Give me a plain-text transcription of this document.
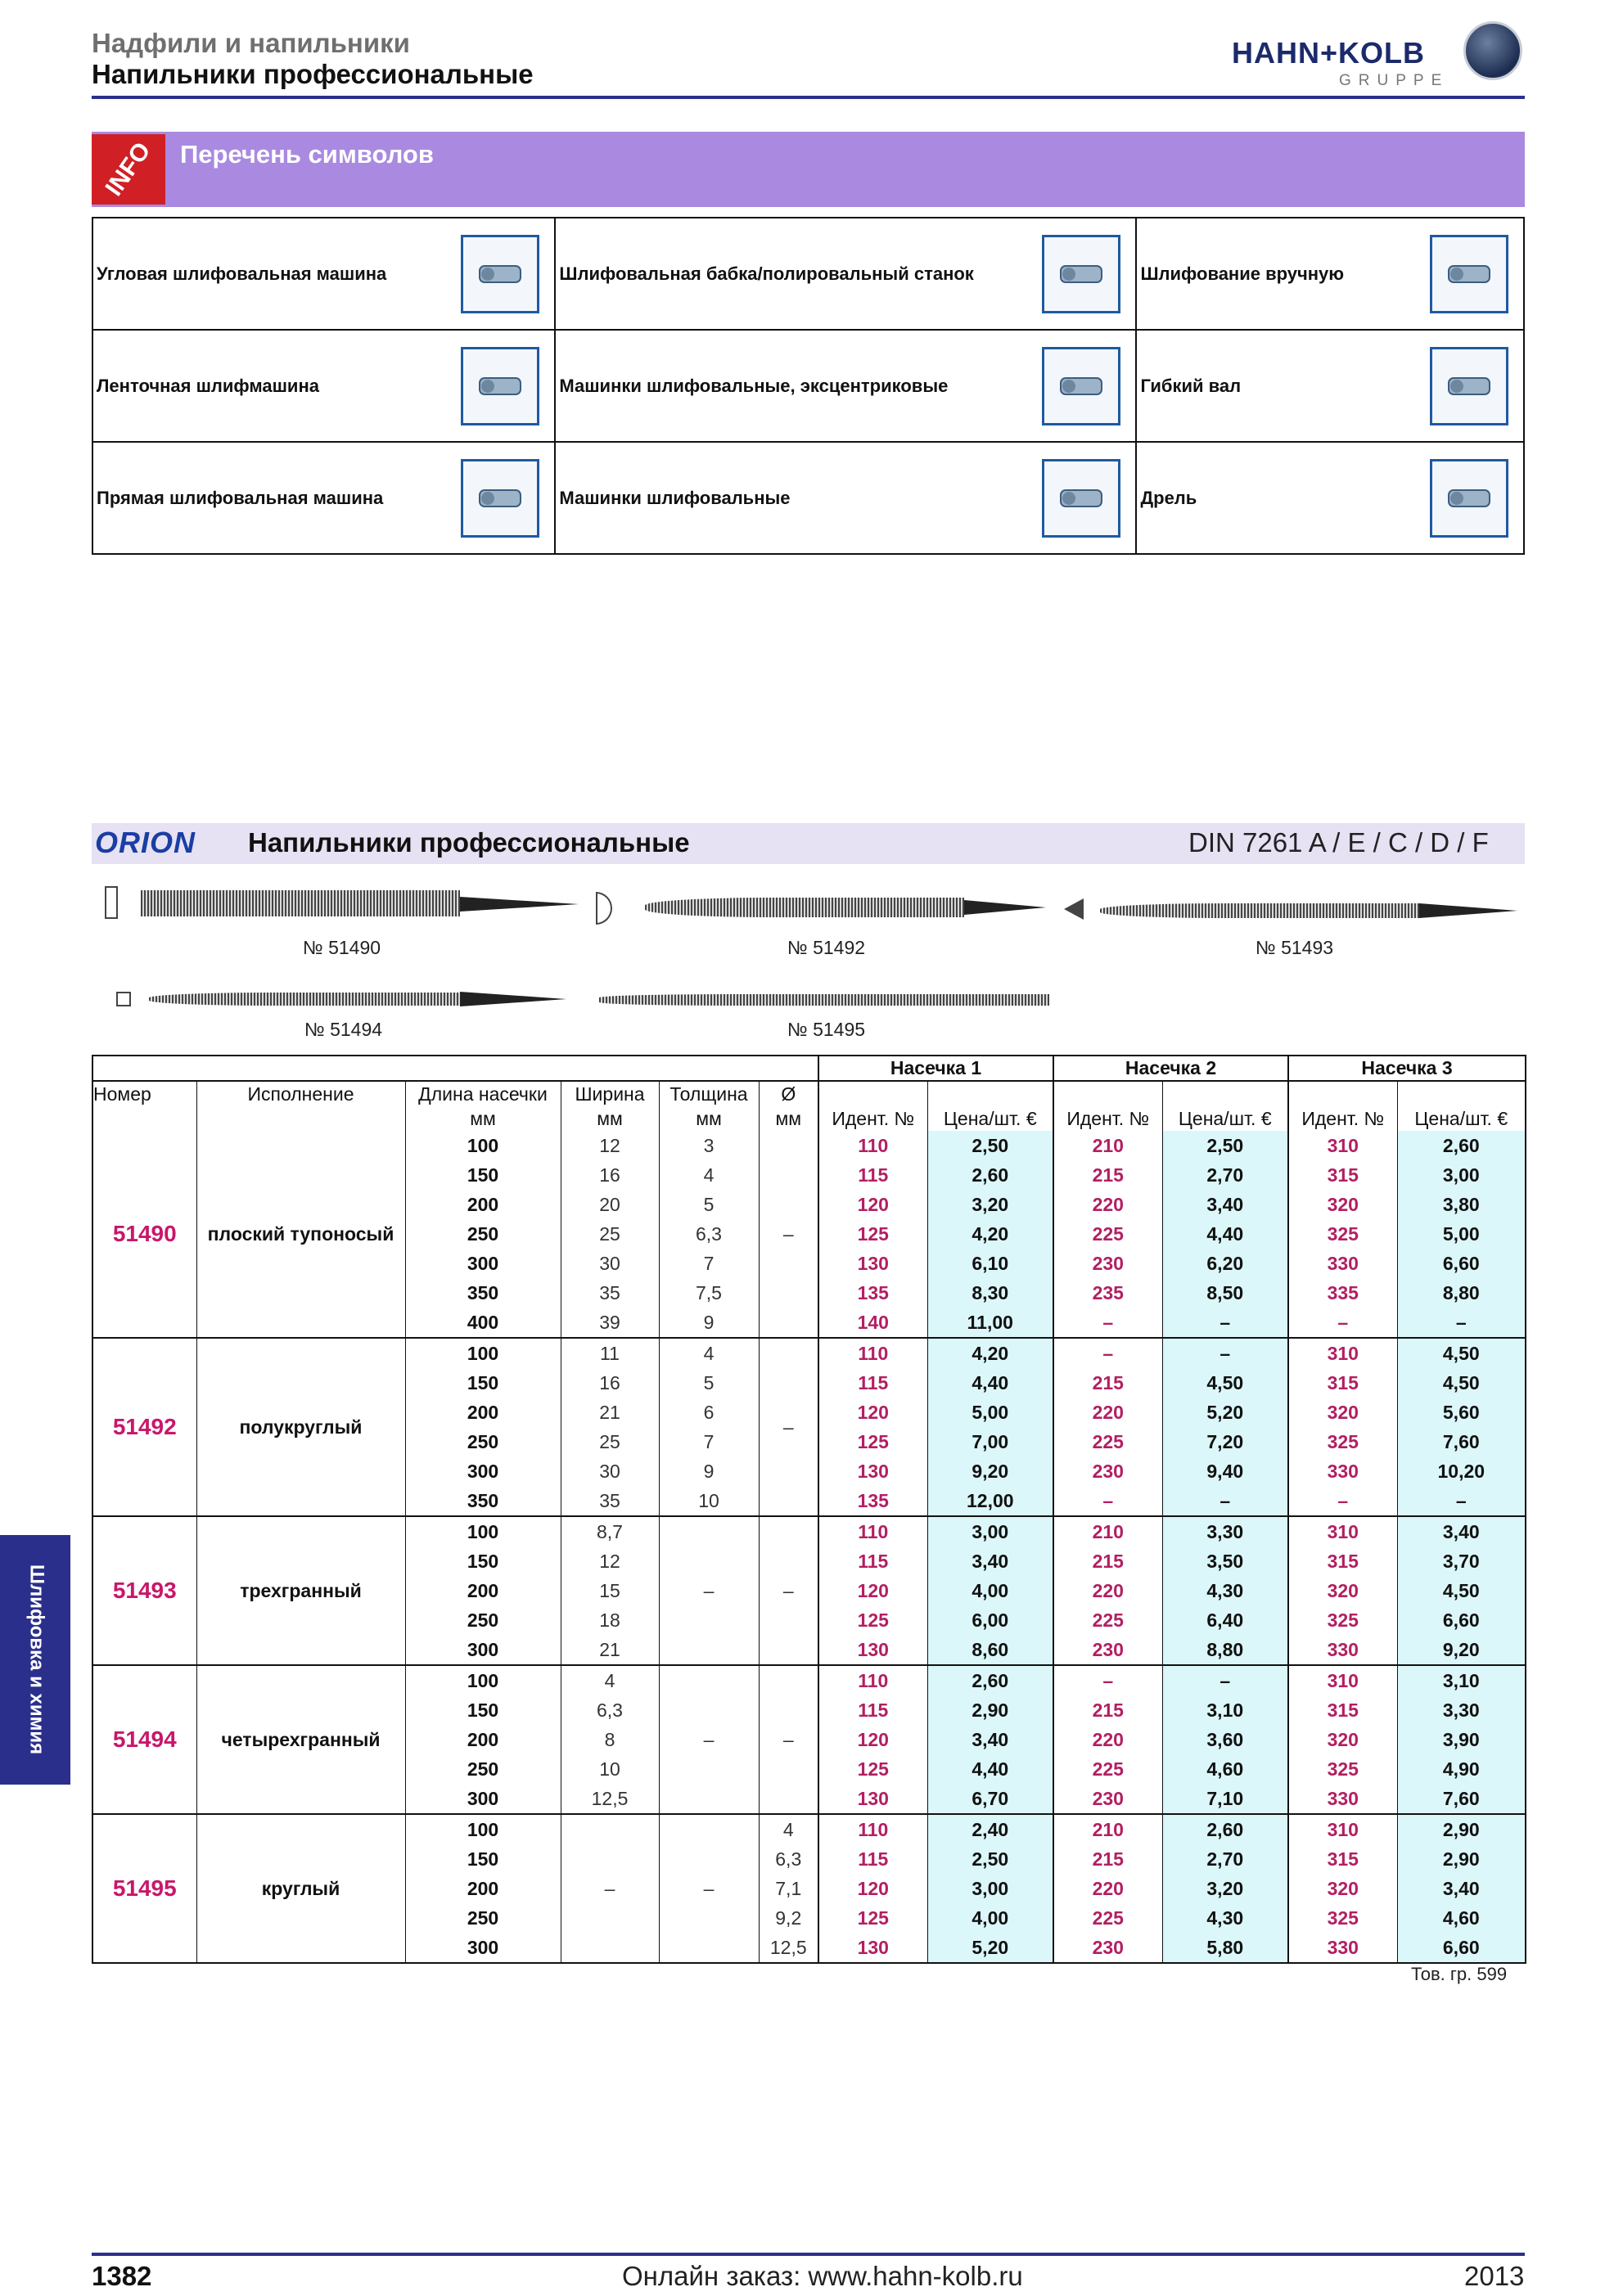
Надфили и напильники
Напильники профессиональные
HAHN+KOLB
GRUPPE
INFO Перечень символов
Угловая шлифовальная машина	Шлифовальная бабка/полировальный станок	Шлифование вручную

Ленточная шлифмашина	Машинки шлифовальные, эксцентриковые	Гибкий вал

Прямая шлифовальная машина	Машинки шлифовальные	Дрель
ORION Напильники профессиональные	DIN 7261 A / E / C / D / F
№ 51490	№ 51492	№ 51493
№ 51494	№ 51495
						Насечка 1		Насечка 2		Насечка 3	
Номер	Исполнение	Длина насечки	Ширина	Толщина	Ø						
		мм	мм	мм	мм	Идент. №	Цена/шт. €	Идент. №	Цена/шт. €	Идент. №	Цена/шт. €
51490	плоский тупоносый	100	12	3	–	110	2,50	210	2,50	310	2,60
		150	16	4		115	2,60	215	2,70	315	3,00
		200	20	5		120	3,20	220	3,40	320	3,80
		250	25	6,3		125	4,20	225	4,40	325	5,00
		300	30	7		130	6,10	230	6,20	330	6,60
		350	35	7,5		135	8,30	235	8,50	335	8,80
		400	39	9		140	11,00	–	–	–	–
51492	полукруглый	100	11	4	–	110	4,20	–	–	310	4,50
		150	16	5		115	4,40	215	4,50	315	4,50
		200	21	6		120	5,00	220	5,20	320	5,60
		250	25	7		125	7,00	225	7,20	325	7,60
		300	30	9		130	9,20	230	9,40	330	10,20
		350	35	10		135	12,00	–	–	–	–
51493	трехгранный	100	8,7	–	–	110	3,00	210	3,30	310	3,40
		150	12			115	3,40	215	3,50	315	3,70
		200	15			120	4,00	220	4,30	320	4,50
		250	18			125	6,00	225	6,40	325	6,60
		300	21			130	8,60	230	8,80	330	9,20
51494	четырехгранный	100	4	–	–	110	2,60	–	–	310	3,10
		150	6,3			115	2,90	215	3,10	315	3,30
		200	8			120	3,40	220	3,60	320	3,90
		250	10			125	4,40	225	4,60	325	4,90
		300	12,5			130	6,70	230	7,10	330	7,60
51495	круглый	100	–	–	4	110	2,40	210	2,60	310	2,90
		150			6,3	115	2,50	215	2,70	315	2,90
		200			7,1	120	3,00	220	3,20	320	3,40
		250			9,2	125	4,00	225	4,30	325	4,60
		300			12,5	130	5,20	230	5,80	330	6,60
Тов. гр. 599
Шлифовка и химия
1382	Онлайн заказ: www.hahn-kolb.ru	2013
